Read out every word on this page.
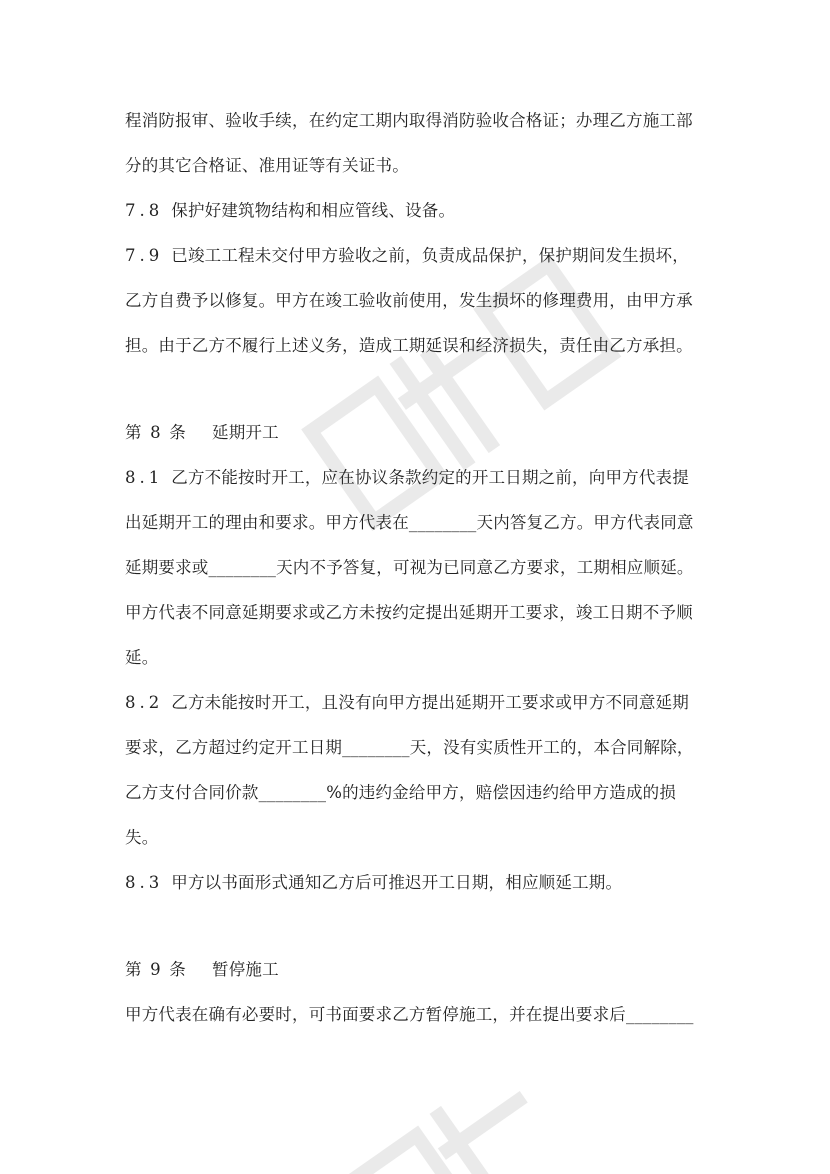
程消防报审、验收手续，在约定工期内取得消防验收合格证；办理乙方施工部
分的其它合格证、准用证等有关证书。
7.8 保护好建筑物结构和相应管线、设备。
7.9 已竣工工程未交付甲方验收之前，负责成品保护，保护期间发生损坏，
乙方自费予以修复。甲方在竣工验收前使用，发生损坏的修理费用，由甲方承
担。由于乙方不履行上述义务，造成工期延误和经济损失，责任由乙方承担。
第 8 条 延期开工
8.1 乙方不能按时开工，应在协议条款约定的开工日期之前，向甲方代表提
出延期开工的理由和要求。甲方代表在________天内答复乙方。甲方代表同意
延期要求或________天内不予答复，可视为已同意乙方要求，工期相应顺延。
甲方代表不同意延期要求或乙方未按约定提出延期开工要求，竣工日期不予顺
延。
8.2 乙方未能按时开工，且没有向甲方提出延期开工要求或甲方不同意延期
要求，乙方超过约定开工日期________天，没有实质性开工的，本合同解除，
乙方支付合同价款________%的违约金给甲方，赔偿因违约给甲方造成的损
失。
8.3 甲方以书面形式通知乙方后可推迟开工日期，相应顺延工期。
第 9 条 暂停施工
甲方代表在确有必要时，可书面要求乙方暂停施工，并在提出要求后________
